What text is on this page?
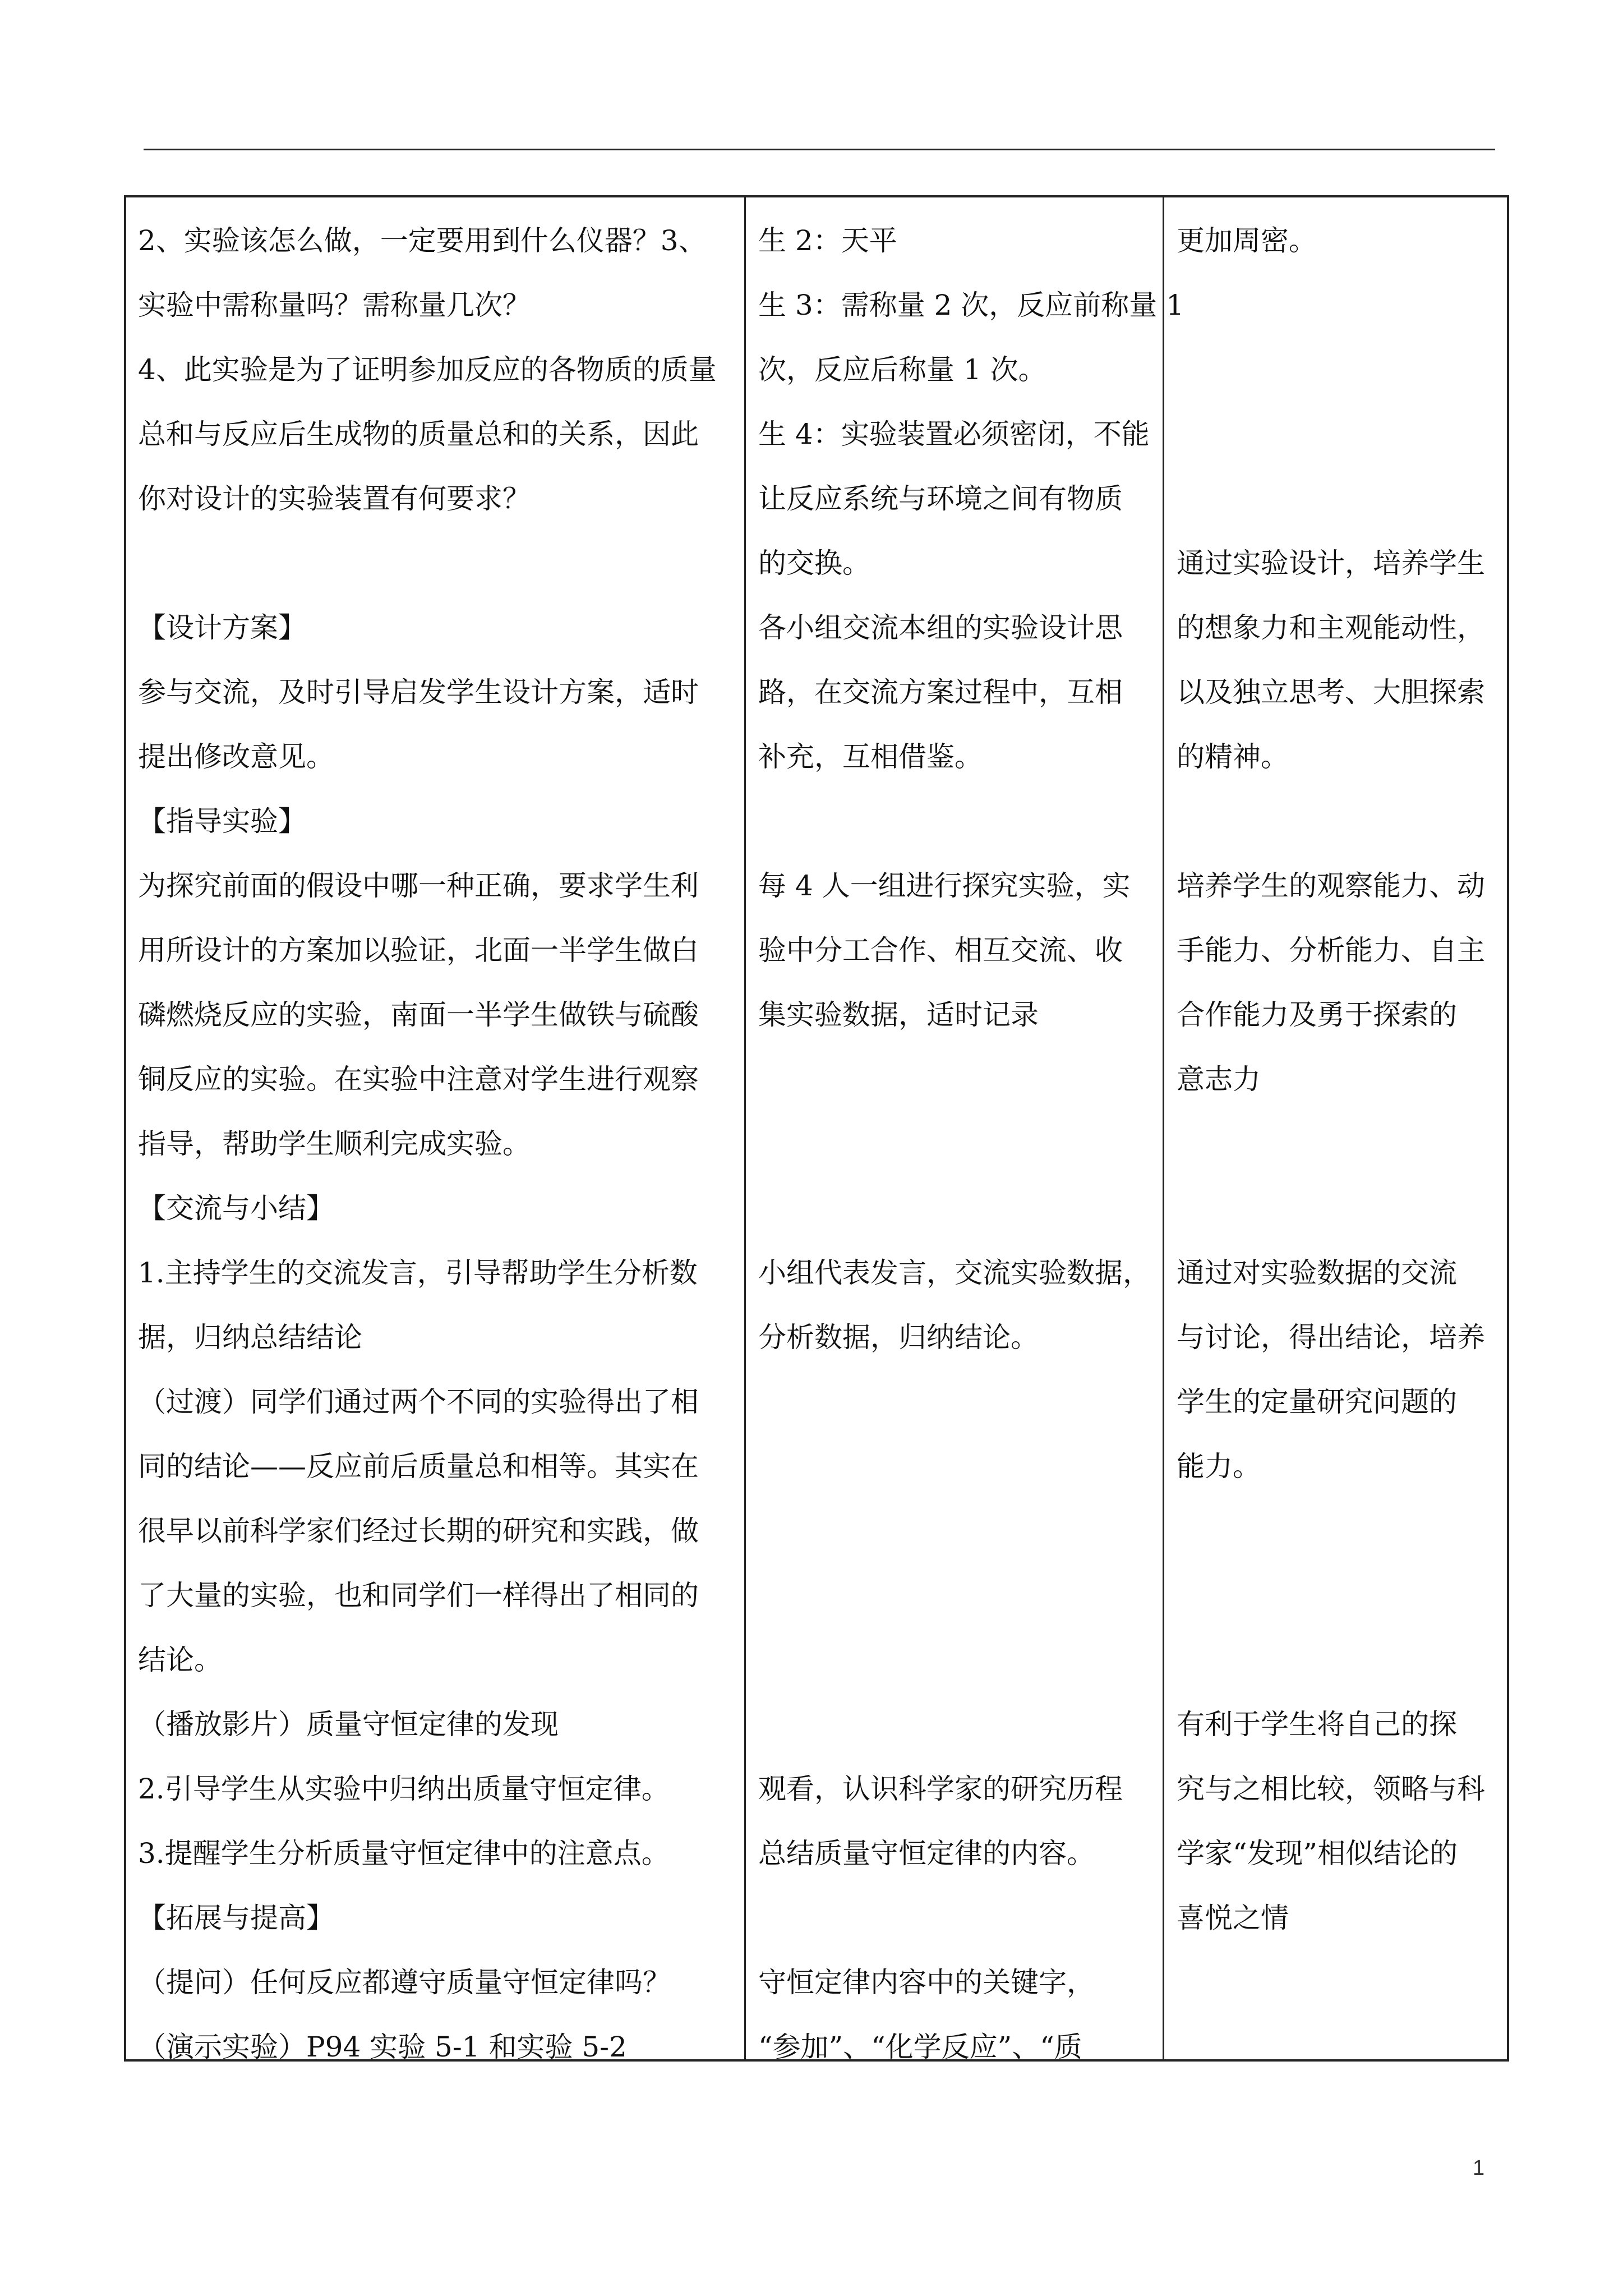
2、实验该怎么做，一定要用到什么仪器？3、
实验中需称量吗？需称量几次？
4、此实验是为了证明参加反应的各物质的质量
总和与反应后生成物的质量总和的关系，因此
你对设计的实验装置有何要求？
【设计方案】
参与交流，及时引导启发学生设计方案，适时
提出修改意见。
【指导实验】
为探究前面的假设中哪一种正确，要求学生利
用所设计的方案加以验证，北面一半学生做白
磷燃烧反应的实验，南面一半学生做铁与硫酸
铜反应的实验。在实验中注意对学生进行观察
指导，帮助学生顺利完成实验。
【交流与小结】
1.主持学生的交流发言，引导帮助学生分析数
据，归纳总结结论
（过渡）同学们通过两个不同的实验得出了相
同的结论——反应前后质量总和相等。其实在
很早以前科学家们经过长期的研究和实践，做
了大量的实验，也和同学们一样得出了相同的
结论。
（播放影片）质量守恒定律的发现
2.引导学生从实验中归纳出质量守恒定律。
3.提醒学生分析质量守恒定律中的注意点。
【拓展与提高】
（提问）任何反应都遵守质量守恒定律吗？
（演示实验）P94 实验 5-1 和实验 5-2
生 2：天平
生 3：需称量 2 次，反应前称量 1
次，反应后称量 1 次。
生 4：实验装置必须密闭，不能
让反应系统与环境之间有物质
的交换。
各小组交流本组的实验设计思
路，在交流方案过程中，互相
补充，互相借鉴。
每 4 人一组进行探究实验，实
验中分工合作、相互交流、收
集实验数据，适时记录
小组代表发言，交流实验数据，
分析数据，归纳结论。
观看，认识科学家的研究历程
总结质量守恒定律的内容。
守恒定律内容中的关键字，
“参加”、“化学反应”、“质
更加周密。
通过实验设计，培养学生
的想象力和主观能动性，
以及独立思考、大胆探索
的精神。
培养学生的观察能力、动
手能力、分析能力、自主
合作能力及勇于探索的
意志力
通过对实验数据的交流
与讨论，得出结论，培养
学生的定量研究问题的
能力。
有利于学生将自己的探
究与之相比较，领略与科
学家“发现”相似结论的
喜悦之情
1
